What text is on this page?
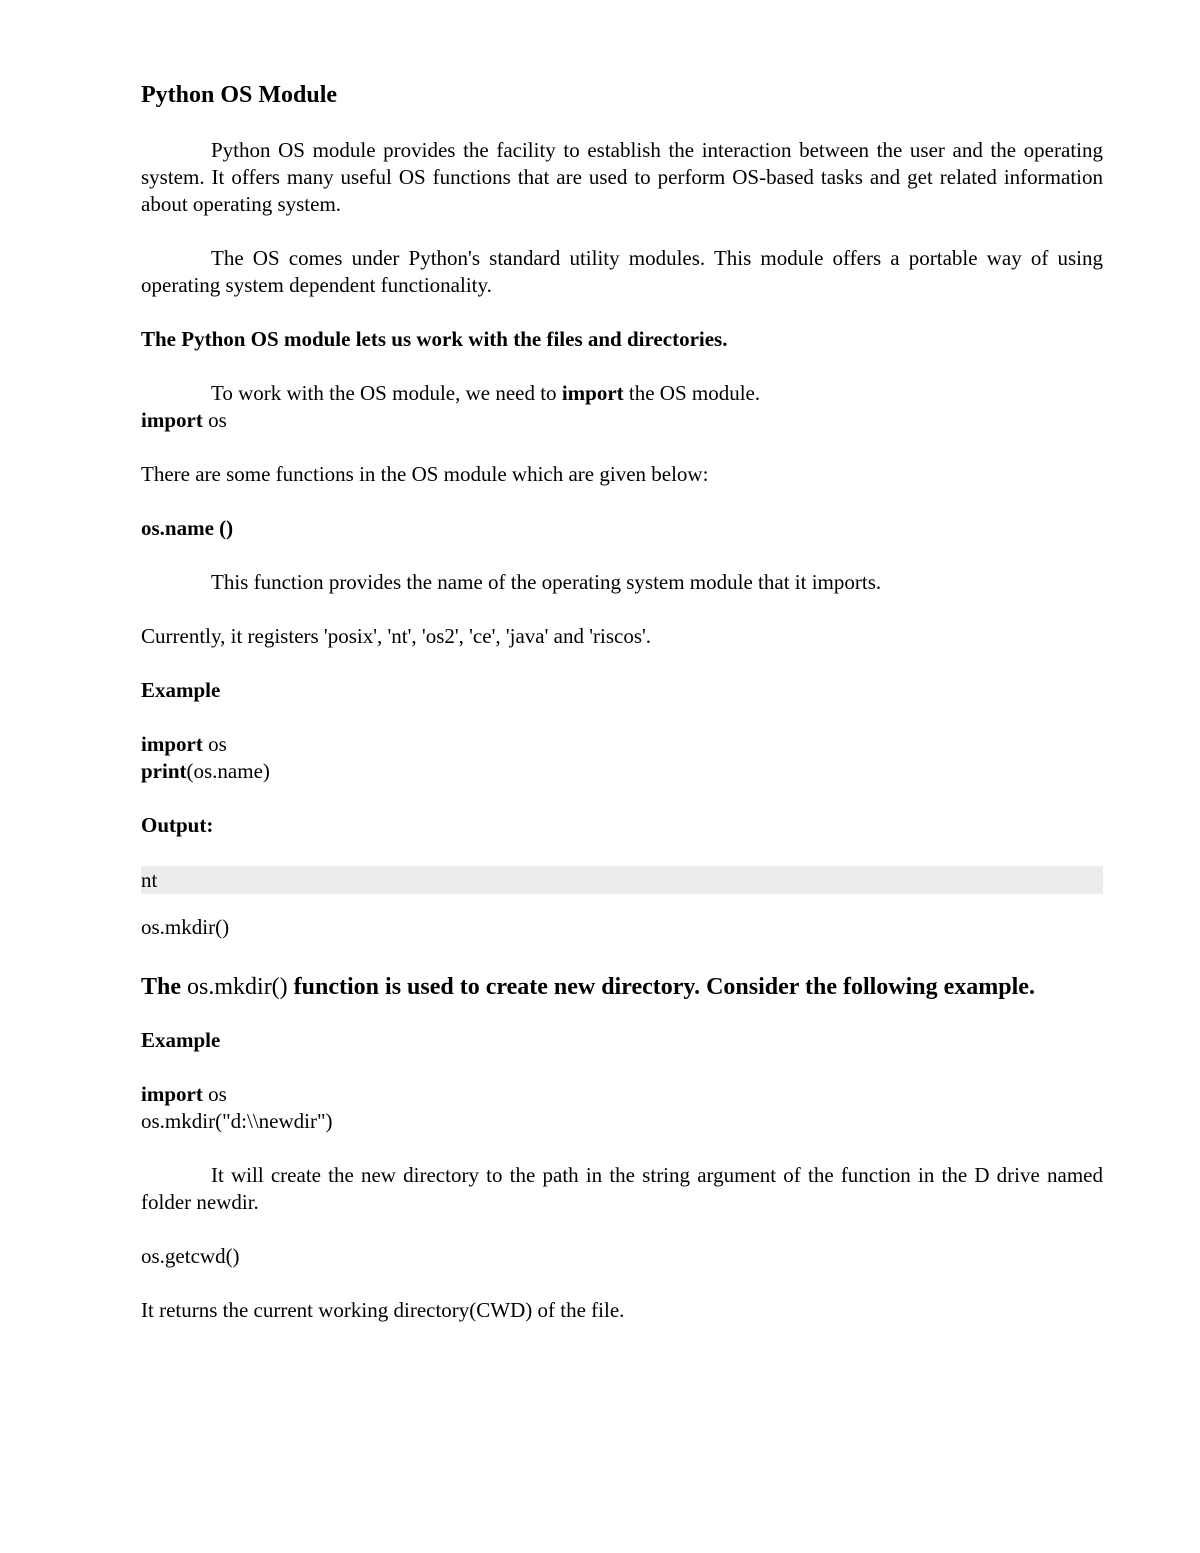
Python OS Module

Python OS module provides the facility to establish the interaction between the user and the operating system. It offers many useful OS functions that are used to perform OS-based tasks and get related information about operating system.

The OS comes under Python's standard utility modules. This module offers a portable way of using operating system dependent functionality.

The Python OS module lets us work with the files and directories.

To work with the OS module, we need to import the OS module.

import os

There are some functions in the OS module which are given below:

os.name ()

This function provides the name of the operating system module that it imports.

Currently, it registers 'posix', 'nt', 'os2', 'ce', 'java' and 'riscos'.

Example

import os

print(os.name)

Output:

nt

os.mkdir()

The os.mkdir() function is used to create new directory. Consider the following example.

Example

import os

os.mkdir("d:\\newdir")

It will create the new directory to the path in the string argument of the function in the D drive named folder newdir.

os.getcwd()

It returns the current working directory(CWD) of the file.
